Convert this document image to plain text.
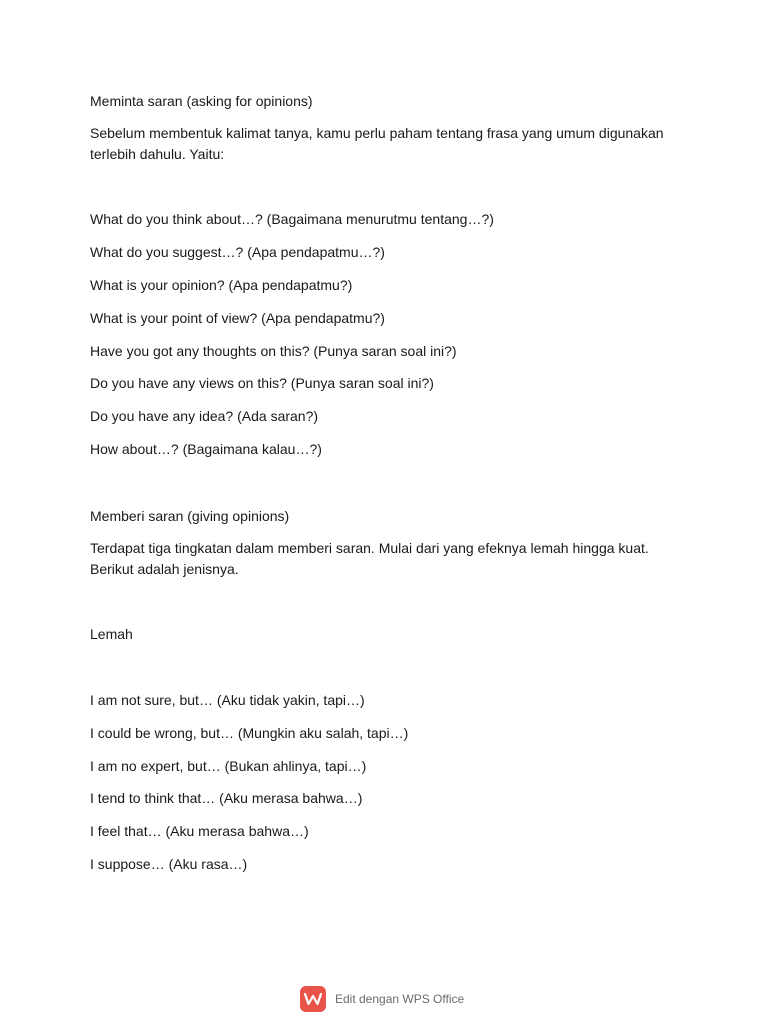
Meminta saran (asking for opinions)
Sebelum membentuk kalimat tanya, kamu perlu paham tentang frasa yang umum digunakan
terlebih dahulu. Yaitu:
What do you think about…? (Bagaimana menurutmu tentang…?)
What do you suggest…? (Apa pendapatmu…?)
What is your opinion? (Apa pendapatmu?)
What is your point of view? (Apa pendapatmu?)
Have you got any thoughts on this? (Punya saran soal ini?)
Do you have any views on this? (Punya saran soal ini?)
Do you have any idea? (Ada saran?)
How about…? (Bagaimana kalau…?)
Memberi saran (giving opinions)
Terdapat tiga tingkatan dalam memberi saran. Mulai dari yang efeknya lemah hingga kuat.
Berikut adalah jenisnya.
Lemah
I am not sure, but… (Aku tidak yakin, tapi…)
I could be wrong, but… (Mungkin aku salah, tapi…)
I am no expert, but… (Bukan ahlinya, tapi…)
I tend to think that… (Aku merasa bahwa…)
I feel that… (Aku merasa bahwa…)
I suppose… (Aku rasa…)
Edit dengan WPS Office
